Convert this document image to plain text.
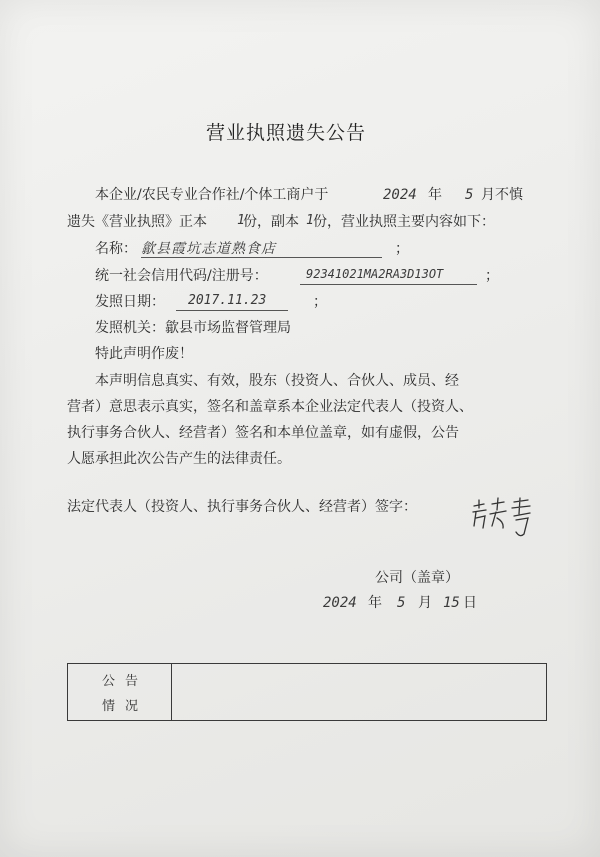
营业执照遗失公告
本企业/农民专业合作社/个体工商户于	2024 年 5 月不慎
遗失《营业执照》正本 1
份，副本 1 份，营业执照主要内容如下：
名称： 歙县霞坑志道熟食店	；
统一社会信用代码/注册号：	92341021MA2RA3D13OT	；
发照日期： 2017.11.23	；
发照机关： 歙县市场监督管理局
特此声明作废！
本声明信息真实、有效，股东（投资人、合伙人、成员、经
营者）意思表示真实，签名和盖章系本企业法定代表人（投资人、
执行事务合伙人、经营者）签名和本单位盖章，如有虚假，公告
人愿承担此次公告产生的法律责任。
法定代表人（投资人、执行事务合伙人、经营者）签字：
公司（盖章）
2024 年 5 月 15 日
公告
情况
